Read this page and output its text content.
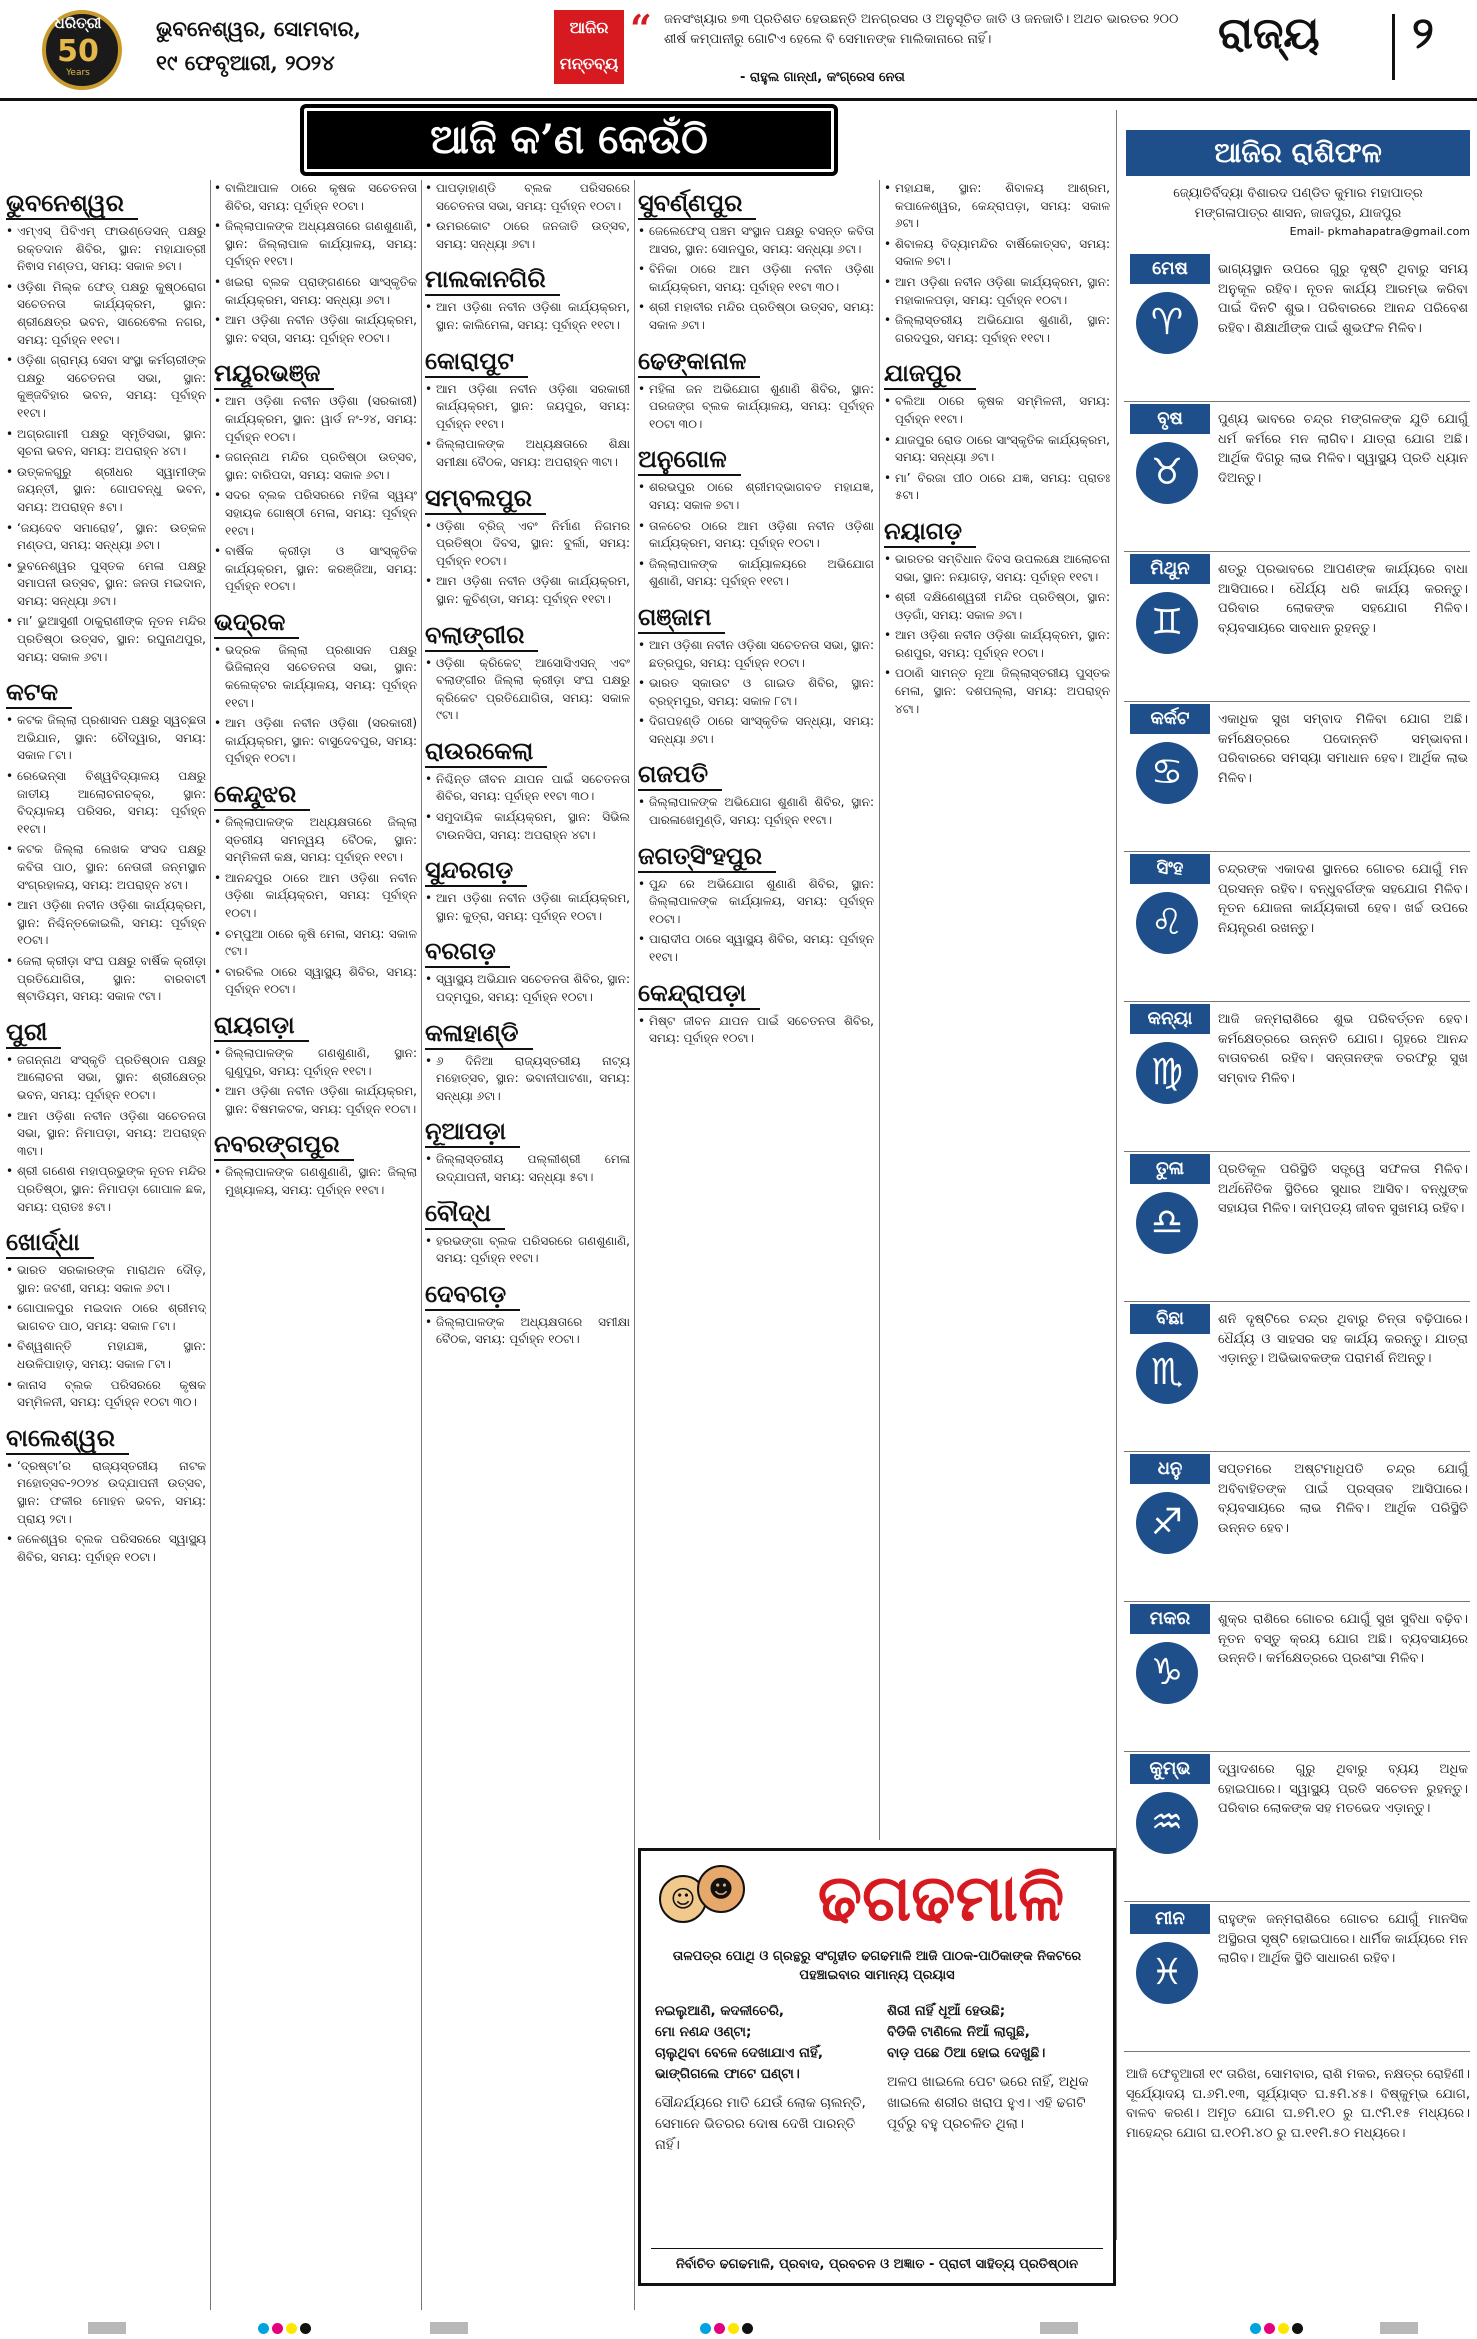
ଧରିତ୍ରୀ
50
Years
ଭୁବନେଶ୍ୱର, ସୋମବାର,
୧୯ ଫେବୃଆରୀ, ୨୦୨୪
ଆଜିର ମନ୍ତବ୍ୟ
“ ଜନସଂଖ୍ୟାର ୭୩ ପ୍ରତିଶତ ହେଉଛନ୍ତି ଅନଗ୍ରସର ଓ ଅନୁସୂଚିତ ଜାତି ଓ ଜନଜାତି। ଅଥଚ ଭାରତର ୨୦୦ ଶୀର୍ଷ କମ୍ପାନୀରୁ ଗୋଟିଏ ହେଲେ ବି ସେମାନଙ୍କ ମାଲିକାନାରେ ନାହିଁ।
- ରାହୁଲ ଗାନ୍ଧୀ, କଂଗ୍ରେସ ନେତା
ରାଜ୍ୟ ୨
ଆଜି କ’ଣ କେଉଁଠି
ଭୁବନେଶ୍ୱର
• ଏମ୍‌ଏସ୍ ପିବିଏମ୍ ଫାଉଣ୍ଡେସନ୍ ପକ୍ଷରୁ ରକ୍ତଦାନ ଶିବିର, ସ୍ଥାନ: ମହାଯାତ୍ରୀ ନିଵାସ ମଣ୍ଡପ, ସମୟ: ସକାଳ ୭ଟା।
• ଓଡ଼ିଶା ମିଲ୍କ ଫେଡ୍ ପକ୍ଷରୁ କୁଷ୍ଠରୋଗ ସଚେତନତା କାର୍ଯ୍ୟକ୍ରମ, ସ୍ଥାନ: ଶ୍ରୀକ୍ଷେତ୍ର ଭବନ, ସାରେଵେଲ ନଗର, ସମୟ: ପୂର୍ବାହ୍ନ ୧୧ଟା।
• ଓଡ଼ିଶା ଗ୍ରାମ୍ୟ ସେବା ସଂସ୍ଥା କର୍ମଚାରୀଙ୍କ ପକ୍ଷରୁ ସଚେତନତା ସଭା, ସ୍ଥାନ: କୁଞ୍ଜବିହାର ଭବନ, ସମୟ: ପୂର୍ବାହ୍ନ ୧୧ଟା।
• ଅଗ୍ରଗାମୀ ପକ୍ଷରୁ ସ୍ମୃତିସଭା, ସ୍ଥାନ: ସୂଚନା ଭବନ, ସମୟ: ଅପରାହ୍ନ ୪ଟା।
• ଉତ୍କଳଗୁରୁ ଶ୍ରୀଧର ସ୍ୱାମୀଙ୍କ ଜୟନ୍ତୀ, ସ୍ଥାନ: ଗୋପବନ୍ଧୁ ଭବନ, ସମୟ: ଅପରାହ୍ନ ୫ଟା।
• ‘ଜୟଦେବ ସମାରୋହ’, ସ୍ଥାନ: ଉତ୍କଳ ମଣ୍ଡପ, ସମୟ: ସନ୍ଧ୍ୟା ୬ଟା।
• ଭୁବନେଶ୍ୱର ପୁସ୍ତକ ମେଳା ପକ୍ଷରୁ ସମାପନୀ ଉତ୍ସବ, ସ୍ଥାନ: ଜନତା ମଇଦାନ, ସମୟ: ସନ୍ଧ୍ୟା ୬ଟା।
• ମା’ ଭୁଆସୁଣୀ ଠାକୁରାଣୀଙ୍କ ନୂତନ ମନ୍ଦିର ପ୍ରତିଷ୍ଠା ଉତ୍ସବ, ସ୍ଥାନ: ରଘୁନାଥପୁର, ସମୟ: ସକାଳ ୬ଟା।
କଟକ
• କଟକ ଜିଲ୍ଲା ପ୍ରଶାସନ ପକ୍ଷରୁ ସ୍ୱଚ୍ଛତା ଅଭିଯାନ, ସ୍ଥାନ: ଚୌଦ୍ୱାର, ସମୟ: ସକାଳ ୮ଟା।
• ରେଭେନ୍ସା ବିଶ୍ୱବିଦ୍ୟାଳୟ ପକ୍ଷରୁ ଜାତୀୟ ଆଲୋଚନାଚକ୍ର, ସ୍ଥାନ: ବିଦ୍ୟାଳୟ ପରିସର, ସମୟ: ପୂର୍ବାହ୍ନ ୧୧ଟା।
• କଟକ ଜିଲ୍ଲା ଲେଖକ ସଂସଦ ପକ୍ଷରୁ କବିତା ପାଠ, ସ୍ଥାନ: ନେତାଜୀ ଜନ୍ମସ୍ଥାନ ସଂଗ୍ରହାଳୟ, ସମୟ: ଅପରାହ୍ନ ୪ଟା।
• ଆମ ଓଡ଼ିଶା ନବୀନ ଓଡ଼ିଶା କାର୍ଯ୍ୟକ୍ରମ, ସ୍ଥାନ: ନିଶ୍ଚିନ୍ତକୋଇଲି, ସମୟ: ପୂର୍ବାହ୍ନ ୧୦ଟା।
• ଜେଲା କ୍ରୀଡ଼ା ସଂଘ ପକ୍ଷରୁ ବାର୍ଷିକ କ୍ରୀଡ଼ା ପ୍ରତିଯୋଗିତା, ସ୍ଥାନ: ବାରବାଟୀ ଷ୍ଟାଡିୟମ, ସମୟ: ସକାଳ ୯ଟା।
ପୁରୀ
• ଜଗନ୍ନାଥ ସଂସ୍କୃତି ପ୍ରତିଷ୍ଠାନ ପକ୍ଷରୁ ଆଲୋଚନା ସଭା, ସ୍ଥାନ: ଶ୍ରୀକ୍ଷେତ୍ର ଭବନ, ସମୟ: ପୂର୍ବାହ୍ନ ୧୦ଟା।
• ଆମ ଓଡ଼ିଶା ନବୀନ ଓଡ଼ିଶା ସଚେତନତା ସଭା, ସ୍ଥାନ: ନିମାପଡ଼ା, ସମୟ: ଅପରାହ୍ନ ୩ଟା।
• ଶ୍ରୀ ଗଣେଶ ମହାପ୍ରଭୁଙ୍କ ନୂତନ ମନ୍ଦିର ପ୍ରତିଷ୍ଠା, ସ୍ଥାନ: ନିମାପଡ଼ା ଗୋପାଳ ଛକ, ସମୟ: ପ୍ରାତଃ ୫ଟା।
ଖୋର୍ଦ୍ଧା
• ଭାରତ ସରକାରଙ୍କ ମାରାଥନ ଦୌଡ଼, ସ୍ଥାନ: ଜଟଣୀ, ସମୟ: ସକାଳ ୬ଟା।
• ଗୋପାଳପୁର ମଇଦାନ ଠାରେ ଶ୍ରୀମଦ୍ ଭାଗବତ ପାଠ, ସମୟ: ସକାଳ ୮ଟା।
• ବିଶ୍ୱଶାନ୍ତି ମହାଯଜ୍ଞ, ସ୍ଥାନ: ଧଉଳିପାହାଡ଼, ସମୟ: ସକାଳ ୮ଟା।
• କାନାସ ବ୍ଲକ ପରିସରରେ କୃଷକ ସମ୍ମିଳନୀ, ସମୟ: ପୂର୍ବାହ୍ନ ୧୦ଟା ୩୦।
ବାଲେଶ୍ୱର
• ‘ଦ୍ରଷ୍ଟା’ର ରାଜ୍ୟସ୍ତରୀୟ ନାଟକ ମହୋତ୍ସବ-୨୦୨୪ ଉଦ୍‌ଯାପନୀ ଉତ୍ସବ, ସ୍ଥାନ: ଫକୀର ମୋହନ ଭବନ, ସମୟ: ପ୍ରାୟ ୨ଟା।
• ଜଳେଶ୍ୱର ବ୍ଲକ ପରିସରରେ ସ୍ୱାସ୍ଥ୍ୟ ଶିବିର, ସମୟ: ପୂର୍ବାହ୍ନ ୧୦ଟା।
• ବାଲିଆପାଳ ଠାରେ କୃଷକ ସଚେତନତା ଶିବିର, ସମୟ: ପୂର୍ବାହ୍ନ ୧୦ଟା।
• ଜିଲ୍ଲାପାଳଙ୍କ ଅଧ୍ୟକ୍ଷତାରେ ଗଣଶୁଣାଣି, ସ୍ଥାନ: ଜିଲ୍ଲାପାଳ କାର୍ଯ୍ୟାଳୟ, ସମୟ: ପୂର୍ବାହ୍ନ ୧୧ଟା।
• ଖଇରା ବ୍ଲକ ପ୍ରାଙ୍ଗଣରେ ସାଂସ୍କୃତିକ କାର୍ଯ୍ୟକ୍ରମ, ସମୟ: ସନ୍ଧ୍ୟା ୬ଟା।
• ଆମ ଓଡ଼ିଶା ନବୀନ ଓଡ଼ିଶା କାର୍ଯ୍ୟକ୍ରମ, ସ୍ଥାନ: ବସ୍ତା, ସମୟ: ପୂର୍ବାହ୍ନ ୧୦ଟା।
ମୟୂରଭଞ୍ଜ
• ଆମ ଓଡ଼ିଶା ନବୀନ ଓଡ଼ିଶା (ସରକାରୀ) କାର୍ଯ୍ୟକ୍ରମ, ସ୍ଥାନ: ୱାର୍ଡ ନଂ-୨୪, ସମୟ: ପୂର୍ବାହ୍ନ ୧୦ଟା।
• ଜଗନ୍ନାଥ ମନ୍ଦିର ପ୍ରତିଷ୍ଠା ଉତ୍ସବ, ସ୍ଥାନ: ବାରିପଦା, ସମୟ: ସକାଳ ୬ଟା।
• ସଦର ବ୍ଲକ ପରିସରରେ ମହିଳା ସ୍ୱୟଂ ସହାୟକ ଗୋଷ୍ଠୀ ମେଳା, ସମୟ: ପୂର୍ବାହ୍ନ ୧୧ଟା।
• ବାର୍ଷିକ କ୍ରୀଡ଼ା ଓ ସାଂସ୍କୃତିକ କାର୍ଯ୍ୟକ୍ରମ, ସ୍ଥାନ: କରଞ୍ଜିଆ, ସମୟ: ପୂର୍ବାହ୍ନ ୧୦ଟା।
ଭଦ୍ରକ
• ଭଦ୍ରକ ଜିଲ୍ଲା ପ୍ରଶାସନ ପକ୍ଷରୁ ଭିଜିଲାନ୍ସ ସଚେତନତା ସଭା, ସ୍ଥାନ: କଲେକ୍ଟର କାର୍ଯ୍ୟାଳୟ, ସମୟ: ପୂର୍ବାହ୍ନ ୧୧ଟା।
• ଆମ ଓଡ଼ିଶା ନବୀନ ଓଡ଼ିଶା (ସରକାରୀ) କାର୍ଯ୍ୟକ୍ରମ, ସ୍ଥାନ: ବାସୁଦେବପୁର, ସମୟ: ପୂର୍ବାହ୍ନ ୧୦ଟା।
କେନ୍ଦୁଝର
• ଜିଲ୍ଲାପାଳଙ୍କ ଅଧ୍ୟକ୍ଷତାରେ ଜିଲ୍ଲା ସ୍ତରୀୟ ସମନ୍ୱୟ ବୈଠକ, ସ୍ଥାନ: ସମ୍ମିଳନୀ କକ୍ଷ, ସମୟ: ପୂର୍ବାହ୍ନ ୧୧ଟା।
• ଆନନ୍ଦପୁର ଠାରେ ଆମ ଓଡ଼ିଶା ନବୀନ ଓଡ଼ିଶା କାର୍ଯ୍ୟକ୍ରମ, ସମୟ: ପୂର୍ବାହ୍ନ ୧୦ଟା।
• ଚମ୍ପୁଆ ଠାରେ କୃଷି ମେଳା, ସମୟ: ସକାଳ ୯ଟା।
• ବାରବିଲ ଠାରେ ସ୍ୱାସ୍ଥ୍ୟ ଶିବିର, ସମୟ: ପୂର୍ବାହ୍ନ ୧୦ଟା।
ରାୟଗଡ଼ା
• ଜିଲ୍ଲାପାଳଙ୍କ ଗଣଶୁଣାଣି, ସ୍ଥାନ: ଗୁଣୁପୁର, ସମୟ: ପୂର୍ବାହ୍ନ ୧୧ଟା।
• ଆମ ଓଡ଼ିଶା ନବୀନ ଓଡ଼ିଶା କାର୍ଯ୍ୟକ୍ରମ, ସ୍ଥାନ: ବିଷମକଟକ, ସମୟ: ପୂର୍ବାହ୍ନ ୧୦ଟା।
ନବରଙ୍ଗପୁର
• ଜିଲ୍ଲାପାଳଙ୍କ ଗଣଶୁଣାଣି, ସ୍ଥାନ: ଜିଲ୍ଲା ମୁଖ୍ୟାଳୟ, ସମୟ: ପୂର୍ବାହ୍ନ ୧୧ଟା।
• ପାପଡ଼ାହାଣ୍ଡି ବ୍ଲକ ପରିସରରେ ସଚେତନତା ସଭା, ସମୟ: ପୂର୍ବାହ୍ନ ୧୦ଟା।
• ଉମରକୋଟ ଠାରେ ଜନଜାତି ଉତ୍ସବ, ସମୟ: ସନ୍ଧ୍ୟା ୬ଟା।
ମାଲକାନଗିରି
• ଆମ ଓଡ଼ିଶା ନବୀନ ଓଡ଼ିଶା କାର୍ଯ୍ୟକ୍ରମ, ସ୍ଥାନ: କାଲିମେଳା, ସମୟ: ପୂର୍ବାହ୍ନ ୧୧ଟା।
କୋରାପୁଟ
• ଆମ ଓଡ଼ିଶା ନବୀନ ଓଡ଼ିଶା ସରକାରୀ କାର୍ଯ୍ୟକ୍ରମ, ସ୍ଥାନ: ଜୟପୁର, ସମୟ: ପୂର୍ବାହ୍ନ ୧୧ଟା।
• ଜିଲ୍ଲାପାଳଙ୍କ ଅଧ୍ୟକ୍ଷତାରେ ଶିକ୍ଷା ସମୀକ୍ଷା ବୈଠକ, ସମୟ: ଅପରାହ୍ନ ୩ଟା।
ସମ୍ବଲପୁର
• ଓଡ଼ିଶା ବ୍ରିଜ୍ ଏବଂ ନିର୍ମାଣ ନିଗମର ପ୍ରତିଷ୍ଠା ଦିବସ, ସ୍ଥାନ: ବୁର୍ଲା, ସମୟ: ପୂର୍ବାହ୍ନ ୧୦ଟା।
• ଆମ ଓଡ଼ିଶା ନବୀନ ଓଡ଼ିଶା କାର୍ଯ୍ୟକ୍ରମ, ସ୍ଥାନ: କୁଚିଣ୍ଡା, ସମୟ: ପୂର୍ବାହ୍ନ ୧୧ଟା।
ବଲାଙ୍ଗୀର
• ଓଡ଼ିଶା କ୍ରିକେଟ୍ ଆସୋସିଏସନ୍ ଏବଂ ବଲାଙ୍ଗୀର ଜିଲ୍ଲା କ୍ରୀଡ଼ା ସଂଘ ପକ୍ଷରୁ କ୍ରିକେଟ ପ୍ରତିଯୋଗିତା, ସମୟ: ସକାଳ ୯ଟା।
ରାଉରକେଲା
• ନିଶ୍ଚିନ୍ତ ଜୀବନ ଯାପନ ପାଇଁ ସଚେତନତା ଶିବିର, ସମୟ: ପୂର୍ବାହ୍ନ ୧୧ଟା ୩୦।
• ସମୁଦାୟିକ କାର୍ଯ୍ୟକ୍ରମ, ସ୍ଥାନ: ସିଭିଲ ଟାଉନସିପ, ସମୟ: ଅପରାହ୍ନ ୪ଟା।
ସୁନ୍ଦରଗଡ଼
• ଆମ ଓଡ଼ିଶା ନବୀନ ଓଡ଼ିଶା କାର୍ଯ୍ୟକ୍ରମ, ସ୍ଥାନ: କୁତ୍ରା, ସମୟ: ପୂର୍ବାହ୍ନ ୧୦ଟା।
ବରଗଡ଼
• ସ୍ୱାସ୍ଥ୍ୟ ଅଭିଯାନ ସଚେତନତା ଶିବିର, ସ୍ଥାନ: ପଦ୍ମପୁର, ସମୟ: ପୂର୍ବାହ୍ନ ୧୦ଟା।
କଳାହାଣ୍ଡି
• ୬ ଦିନିଆ ରାଜ୍ୟସ୍ତରୀୟ ନାଟ୍ୟ ମହୋତ୍ସବ, ସ୍ଥାନ: ଭବାନୀପାଟଣା, ସମୟ: ସନ୍ଧ୍ୟା ୬ଟା।
ନୂଆପଡ଼ା
• ଜିଲ୍ଲାସ୍ତରୀୟ ପଲ୍ଲୀଶ୍ରୀ ମେଳା ଉଦ୍‌ଯାପନୀ, ସମୟ: ସନ୍ଧ୍ୟା ୫ଟା।
ବୌଦ୍ଧ
• ହରଭଙ୍ଗା ବ୍ଲକ ପରିସରରେ ଗଣଶୁଣାଣି, ସମୟ: ପୂର୍ବାହ୍ନ ୧୧ଟା।
ଦେବଗଡ଼
• ଜିଲ୍ଲାପାଳଙ୍କ ଅଧ୍ୟକ୍ଷତାରେ ସମୀକ୍ଷା ବୈଠକ, ସମୟ: ପୂର୍ବାହ୍ନ ୧୦ଟା।
ସୁବର୍ଣ୍ଣପୁର
• ଜେଲେଫେସ୍ ପଞ୍ଚମ ସଂସ୍ଥାନ ପକ୍ଷରୁ ବସନ୍ତ କବିତା ଆସର, ସ୍ଥାନ: ସୋନପୁର, ସମୟ: ସନ୍ଧ୍ୟା ୬ଟା।
• ବିନିକା ଠାରେ ଆମ ଓଡ଼ିଶା ନବୀନ ଓଡ଼ିଶା କାର୍ଯ୍ୟକ୍ରମ, ସମୟ: ପୂର୍ବାହ୍ନ ୧୧ଟା ୩୦।
• ଶ୍ରୀ ମହାବୀର ମନ୍ଦିର ପ୍ରତିଷ୍ଠା ଉତ୍ସବ, ସମୟ: ସକାଳ ୬ଟା।
ଢେଙ୍କାନାଳ
• ମହିଳା ଜନ ଅଭିଯୋଗ ଶୁଣାଣି ଶିବିର, ସ୍ଥାନ: ପରଜଙ୍ଗ ବ୍ଲକ କାର୍ଯ୍ୟାଳୟ, ସମୟ: ପୂର୍ବାହ୍ନ ୧୦ଟା ୩୦।
ଅନୁଗୋଳ
• ଶରଭପୁର ଠାରେ ଶ୍ରୀମଦ୍ଭାଗବତ ମହାଯଜ୍ଞ, ସମୟ: ସକାଳ ୭ଟା।
• ତାଳଚେର ଠାରେ ଆମ ଓଡ଼ିଶା ନବୀନ ଓଡ଼ିଶା କାର୍ଯ୍ୟକ୍ରମ, ସମୟ: ପୂର୍ବାହ୍ନ ୧୦ଟା।
• ଜିଲ୍ଲାପାଳଙ୍କ କାର୍ଯ୍ୟାଳୟରେ ଅଭିଯୋଗ ଶୁଣାଣି, ସମୟ: ପୂର୍ବାହ୍ନ ୧୧ଟା।
ଗଞ୍ଜାମ
• ଆମ ଓଡ଼ିଶା ନବୀନ ଓଡ଼ିଶା ସଚେତନତା ସଭା, ସ୍ଥାନ: ଛତ୍ରପୁର, ସମୟ: ପୂର୍ବାହ୍ନ ୧୦ଟା।
• ଭାରତ ସ୍କାଉଟ ଓ ଗାଇଡ ଶିବିର, ସ୍ଥାନ: ବ୍ରହ୍ମପୁର, ସମୟ: ସକାଳ ୮ଟା।
• ଦିଗପହଣ୍ଡି ଠାରେ ସାଂସ୍କୃତିକ ସନ୍ଧ୍ୟା, ସମୟ: ସନ୍ଧ୍ୟା ୬ଟା।
ଗଜପତି
• ଜିଲ୍ଲାପାଳଙ୍କ ଅଭିଯୋଗ ଶୁଣାଣି ଶିବିର, ସ୍ଥାନ: ପାରଳାଖେମୁଣ୍ଡି, ସମୟ: ପୂର୍ବାହ୍ନ ୧୧ଟା।
ଜଗତ୍‌ସିଂହପୁର
• ପୁନ୍ଦ ରେ ଅଭିଯୋଗ ଶୁଣାଣି ଶିବିର, ସ୍ଥାନ: ଜିଲ୍ଲାପାଳଙ୍କ କାର୍ଯ୍ୟାଳୟ, ସମୟ: ପୂର୍ବାହ୍ନ ୧୦ଟା।
• ପାରାଦୀପ ଠାରେ ସ୍ୱାସ୍ଥ୍ୟ ଶିବିର, ସମୟ: ପୂର୍ବାହ୍ନ ୧୧ଟା।
କେନ୍ଦ୍ରାପଡ଼ା
• ମିଷ୍ଟ ଜୀବନ ଯାପନ ପାଇଁ ସଚେତନତା ଶିବିର, ସମୟ: ପୂର୍ବାହ୍ନ ୧୦ଟା।
• ମହାଯଜ୍ଞ, ସ୍ଥାନ: ଶିବାଳୟ ଆଶ୍ରମ, କପାଳେଶ୍ୱର, କେନ୍ଦ୍ରାପଡ଼ା, ସମୟ: ସକାଳ ୬ଟା।
• ଶିବାଳୟ ବିଦ୍ୟାମନ୍ଦିର ବାର୍ଷିକୋତ୍ସବ, ସମୟ: ସକାଳ ୭ଟା।
• ଆମ ଓଡ଼ିଶା ନବୀନ ଓଡ଼ିଶା କାର୍ଯ୍ୟକ୍ରମ, ସ୍ଥାନ: ମହାକାଳପଡ଼ା, ସମୟ: ପୂର୍ବାହ୍ନ ୧୦ଟା।
• ଜିଲ୍ଲାସ୍ତରୀୟ ଅଭିଯୋଗ ଶୁଣାଣି, ସ୍ଥାନ: ଗରଦପୁର, ସମୟ: ପୂର୍ବାହ୍ନ ୧୧ଟା।
ଯାଜପୁର
• ବଲିଆ ଠାରେ କୃଷକ ସମ୍ମିଳନୀ, ସମୟ: ପୂର୍ବାହ୍ନ ୧୧ଟା।
• ଯାଜପୁର ରୋଡ ଠାରେ ସାଂସ୍କୃତିକ କାର୍ଯ୍ୟକ୍ରମ, ସମୟ: ସନ୍ଧ୍ୟା ୬ଟା।
• ମା’ ବିରଜା ପୀଠ ଠାରେ ଯଜ୍ଞ, ସମୟ: ପ୍ରାତଃ ୫ଟା।
ନୟାଗଡ଼
• ଭାରତର ସମ୍ବିଧାନ ଦିବସ ଉପଲକ୍ଷେ ଆଲୋଚନା ସଭା, ସ୍ଥାନ: ନୟାଗଡ଼, ସମୟ: ପୂର୍ବାହ୍ନ ୧୧ଟା।
• ଶ୍ରୀ ଦକ୍ଷିଣେଶ୍ୱରୀ ମନ୍ଦିର ପ୍ରତିଷ୍ଠା, ସ୍ଥାନ: ଓଡ଼ଗାଁ, ସମୟ: ସକାଳ ୬ଟା।
• ଆମ ଓଡ଼ିଶା ନବୀନ ଓଡ଼ିଶା କାର୍ଯ୍ୟକ୍ରମ, ସ୍ଥାନ: ରଣପୁର, ସମୟ: ପୂର୍ବାହ୍ନ ୧୦ଟା।
• ପଠାଣି ସାମନ୍ତ ନୂଆ ଜିଲ୍ଲାସ୍ତରୀୟ ପୁସ୍ତକ ମେଳା, ସ୍ଥାନ: ଦଶପଲ୍ଲା, ସମୟ: ଅପରାହ୍ନ ୪ଟା।
☺ ☻	ଢଗଢମାଳି
ତାଳପତ୍ର ପୋଥି ଓ ଗ୍ରନ୍ଥରୁ ସଂଗୃହୀତ ଢଗଢମାଳି ଆଜି ପାଠକ-ପାଠିକାଙ୍କ ନିକଟରେ ପହଞ୍ଚାଇବାର ସାମାନ୍ୟ ପ୍ରୟାସ
ନଇଲୁଆଣି, କଦଳୀଚେରି,
ମୋ ନଣନ୍ଦ ଓଣ୍ଟା;
ଚାଲୁଥିବା ବେଳେ ଦେଖାଯାଏ ନାହିଁ,
ଭାଙ୍ଗିଗଲେ ଫାଟେ ଘଣ୍ଟା।
ସୌନ୍ଦର୍ଯ୍ୟରେ ମାତି ଯେଉଁ ଲୋକ ଚାଲନ୍ତି, ସେମାନେ ଭିତରର ଦୋଷ ଦେଖି ପାରନ୍ତି ନାହିଁ।
ଶିରୀ ନାହିଁ ଧୂଆଁ ହେଉଛି;
ବିଡିକି ଟାଣିଲେ ନିଆଁ ଲାଗୁଛି,
ବାଡ଼ ପଛେ ଠିଆ ହୋଇ ଦେଖୁଛି।
ଅଳପ ଖାଇଲେ ପେଟ ଭରେ ନାହିଁ, ଅଧିକ ଖାଇଲେ ଶରୀର ଖରାପ ହୁଏ। ଏହି ଢଗଟି ପୂର୍ବରୁ ବହୁ ପ୍ରଚଳିତ ଥିଲା।
ନିର୍ବାଚିତ ଢଗଢମାଳି, ପ୍ରବାଦ, ପ୍ରବଚନ ଓ ଅଜ୍ଞାତ - ପ୍ରାଚୀ ସାହିତ୍ୟ ପ୍ରତିଷ୍ଠାନ
ଆଜିର ରାଶିଫଳ
ଜ୍ୟୋତିର୍ବିଦ୍ୟା ବିଶାରଦ ପଣ୍ଡିତ କୁମାର ମହାପାତ୍ର
ମଙ୍ଗଳାପାତ୍ର ଶାସନ, ଜାଜପୁର, ଯାଜପୁର
Email- pkmahapatra@gmail.com
ମେଷ
♈
ଭାଗ୍ୟସ୍ଥାନ ଉପରେ ଗୁରୁ ଦୃଷ୍ଟି ଥିବାରୁ ସମୟ ଅନୁକୂଳ ରହିବ। ନୂତନ କାର୍ଯ୍ୟ ଆରମ୍ଭ କରିବା ପାଇଁ ଦିନଟି ଶୁଭ। ପରିବାରରେ ଆନନ୍ଦ ପରିବେଶ ରହିବ। ଶିକ୍ଷାର୍ଥୀଙ୍କ ପାଇଁ ଶୁଭଫଳ ମିଳିବ।
ବୃଷ
♉
ପୁଣ୍ୟ ଭାବରେ ଚନ୍ଦ୍ର ମଙ୍ଗଳଙ୍କ ଯୁତି ଯୋଗୁଁ ଧର୍ମ କର୍ମରେ ମନ ଲାଗିବ। ଯାତ୍ରା ଯୋଗ ଅଛି। ଆର୍ଥିକ ଦିଗରୁ ଲାଭ ମିଳିବ। ସ୍ୱାସ୍ଥ୍ୟ ପ୍ରତି ଧ୍ୟାନ ଦିଅନ୍ତୁ।
ମିଥୁନ
♊
ଶତ୍ରୁ ପ୍ରଭାବରେ ଆପଣଙ୍କ କାର୍ଯ୍ୟରେ ବାଧା ଆସିପାରେ। ଧୈର୍ଯ୍ୟ ଧରି କାର୍ଯ୍ୟ କରନ୍ତୁ। ପରିବାର ଲୋକଙ୍କ ସହଯୋଗ ମିଳିବ। ବ୍ୟବସାୟରେ ସାବଧାନ ରୁହନ୍ତୁ।
କର୍କଟ
♋
ଏକାଧିକ ସୁଖ ସମ୍ବାଦ ମିଳିବା ଯୋଗ ଅଛି। କର୍ମକ୍ଷେତ୍ରରେ ପଦୋନ୍ନତି ସମ୍ଭାବନା। ପରିବାରରେ ସମସ୍ୟା ସମାଧାନ ହେବ। ଆର୍ଥିକ ଲାଭ ମିଳିବ।
ସିଂହ
♌
ଚନ୍ଦ୍ରଙ୍କ ଏକାଦଶ ସ୍ଥାନରେ ଗୋଚର ଯୋଗୁଁ ମନ ପ୍ରସନ୍ନ ରହିବ। ବନ୍ଧୁବର୍ଗଙ୍କ ସହଯୋଗ ମିଳିବ। ନୂତନ ଯୋଜନା କାର୍ଯ୍ୟକାରୀ ହେବ। ଖର୍ଚ୍ଚ ଉପରେ ନିୟନ୍ତ୍ରଣ ରଖନ୍ତୁ।
କନ୍ୟା
♍
ଆଜି ଜନ୍ମରାଶିରେ ଶୁଭ ପରିବର୍ତ୍ତନ ହେବ। କର୍ମକ୍ଷେତ୍ରରେ ଉନ୍ନତି ଯୋଗ। ଗୃହରେ ଆନନ୍ଦ ବାତାବରଣ ରହିବ। ସନ୍ତାନଙ୍କ ତରଫରୁ ସୁଖ ସମ୍ବାଦ ମିଳିବ।
ତୁଳା
♎
ପ୍ରତିକୂଳ ପରିସ୍ଥିତି ସତ୍ତ୍ୱେ ସଫଳତା ମିଳିବ। ଅର୍ଥନୈତିକ ସ୍ଥିତିରେ ସୁଧାର ଆସିବ। ବନ୍ଧୁଙ୍କ ସହାୟତା ମିଳିବ। ଦାମ୍ପତ୍ୟ ଜୀବନ ସୁଖମୟ ରହିବ।
ବିଛା
♏
ଶନି ଦୃଷ୍ଟିରେ ଚନ୍ଦ୍ର ଥିବାରୁ ଚିନ୍ତା ବଢ଼ିପାରେ। ଧୈର୍ଯ୍ୟ ଓ ସାହସର ସହ କାର୍ଯ୍ୟ କରନ୍ତୁ। ଯାତ୍ରା ଏଡ଼ାନ୍ତୁ। ଅଭିଭାବକଙ୍କ ପରାମର୍ଶ ନିଅନ୍ତୁ।
ଧନୁ
♐
ସପ୍ତମରେ ଅଷ୍ଟମାଧିପତି ଚନ୍ଦ୍ର ଯୋଗୁଁ ଅବିବାହିତଙ୍କ ପାଇଁ ପ୍ରସ୍ତାବ ଆସିପାରେ। ବ୍ୟବସାୟରେ ଲାଭ ମିଳିବ। ଆର୍ଥିକ ପରିସ୍ଥିତି ଉନ୍ନତ ହେବ।
ମକର
♑
ଶୁକ୍ର ରାଶିରେ ଗୋଚର ଯୋଗୁଁ ସୁଖ ସୁବିଧା ବଢ଼ିବ। ନୂତନ ବସ୍ତୁ କ୍ରୟ ଯୋଗ ଅଛି। ବ୍ୟବସାୟରେ ଉନ୍ନତି। କର୍ମକ୍ଷେତ୍ରରେ ପ୍ରଶଂସା ମିଳିବ।
କୁମ୍ଭ
♒
ଦ୍ୱାଦଶରେ ଗୁରୁ ଥିବାରୁ ବ୍ୟୟ ଅଧିକ ହୋଇପାରେ। ସ୍ୱାସ୍ଥ୍ୟ ପ୍ରତି ସଚେତନ ରୁହନ୍ତୁ। ପରିବାର ଲୋକଙ୍କ ସହ ମତଭେଦ ଏଡ଼ାନ୍ତୁ।
ମୀନ
♓
ରାହୁଙ୍କ ଜନ୍ମରାଶିରେ ଗୋଚର ଯୋଗୁଁ ମାନସିକ ଅସ୍ଥିରତା ସୃଷ୍ଟି ହୋଇପାରେ। ଧାର୍ମିକ କାର୍ଯ୍ୟରେ ମନ ଲାଗିବ। ଆର୍ଥିକ ସ୍ଥିତି ସାଧାରଣ ରହିବ।
ଆଜି ଫେବୃଆରୀ ୧୯ ତାରିଖ, ସୋମବାର, ରାଶି ମକର, ନକ୍ଷତ୍ର ରୋହିଣୀ। ସୂର୍ଯ୍ୟୋଦୟ ଘ.୬ମି.୧୩, ସୂର୍ଯ୍ୟାସ୍ତ ଘ.୫ମି.୪୫। ବିଷ୍କୁମ୍ଭ ଯୋଗ, ବାଳବ କରଣ। ଅମୃତ ଯୋଗ ଘ.୭ମି.୧୦ ରୁ ଘ.୯ମି.୧୫ ମଧ୍ୟରେ। ମାହେନ୍ଦ୍ର ଯୋଗ ଘ.୧୦ମି.୪୦ ରୁ ଘ.୧୧ମି.୫୦ ମଧ୍ୟରେ।
